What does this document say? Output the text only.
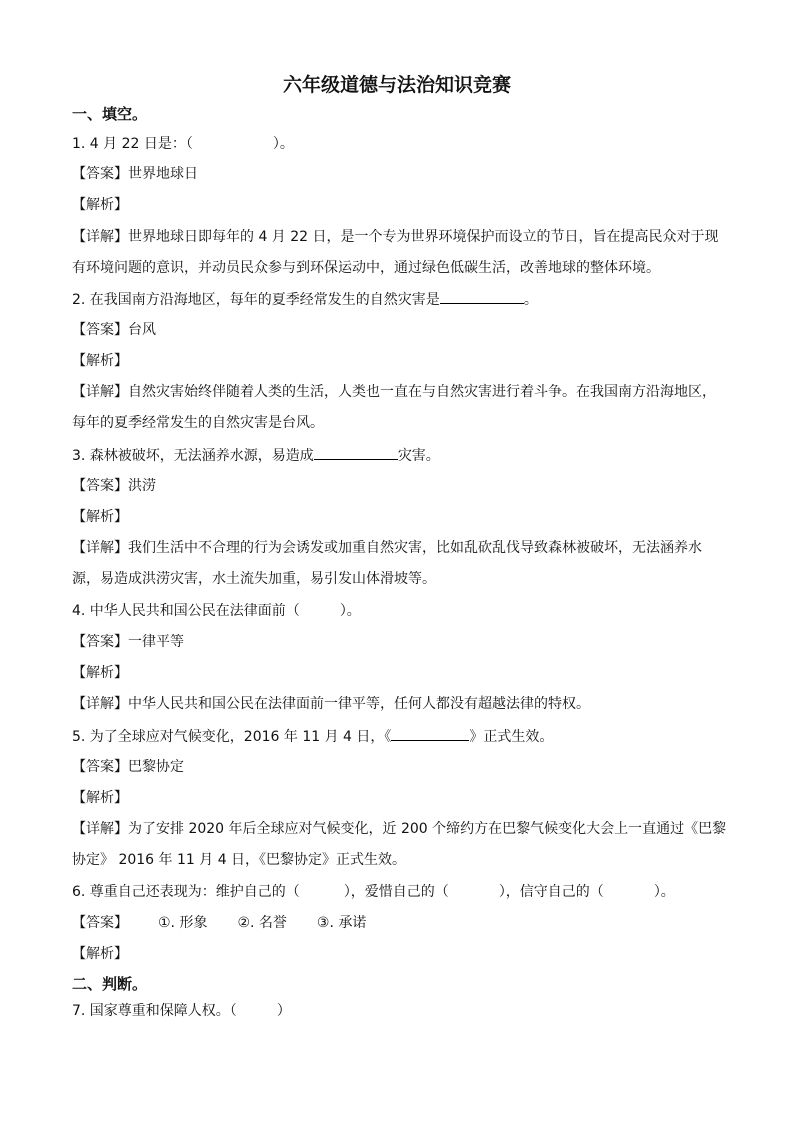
六年级道德与法治知识竞赛
一、填空。
1. 4 月 22 日是：（	）。
【答案】世界地球日
【解析】
【详解】世界地球日即每年的 4 月 22 日，是一个专为世界环境保护而设立的节日，旨在提高民众对于现
有环境问题的意识，并动员民众参与到环保运动中，通过绿色低碳生活，改善地球的整体环境。
2. 在我国南方沿海地区，每年的夏季经常发生的自然灾害是	。
【答案】台风
【解析】
【详解】自然灾害始终伴随着人类的生活，人类也一直在与自然灾害进行着斗争。在我国南方沿海地区，
每年的夏季经常发生的自然灾害是台风。
3. 森林被破坏，无法涵养水源，易造成	灾害。
【答案】洪涝
【解析】
【详解】我们生活中不合理的行为会诱发或加重自然灾害，比如乱砍乱伐导致森林被破坏，无法涵养水
源，易造成洪涝灾害，水土流失加重，易引发山体滑坡等。
4. 中华人民共和国公民在法律面前（	）。
【答案】一律平等
【解析】
【详解】中华人民共和国公民在法律面前一律平等，任何人都没有超越法律的特权。
5. 为了全球应对气候变化，2016 年 11 月 4 日，《	》正式生效。
【答案】巴黎协定
【解析】
【详解】为了安排 2020 年后全球应对气候变化，近 200 个缔约方在巴黎气候变化大会上一直通过《巴黎
协定》 2016 年 11 月 4 日，《巴黎协定》正式生效。
6. 尊重自己还表现为：维护自己的（	），爱惜自己的（	），信守自己的（	）。
【答案】 ①. 形象 ②. 名誉 ③. 承诺
【解析】
二、判断。
7. 国家尊重和保障人权。（	）
